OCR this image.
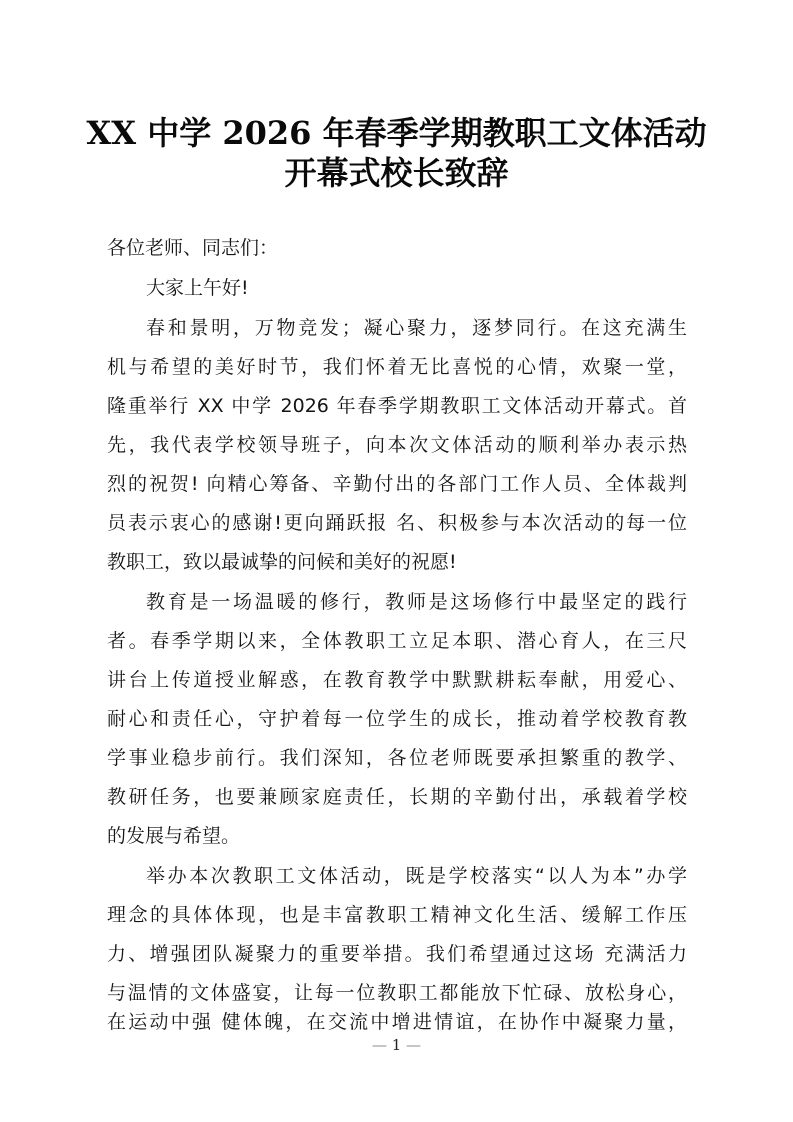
XX 中学 2026 年春季学期教职工文体活动
开幕式校长致辞
各位老师、同志们：
大家上午好!
春和景明，万物竞发；凝心聚力，逐梦同行。在这充满生
机与希望的美好时节，我们怀着无比喜悦的心情，欢聚一堂，
隆重举行 XX 中学 2026 年春季学期教职工文体活动开幕式。首
先，我代表学校领导班子，向本次文体活动的顺利举办表示热
烈的祝贺! 向精心筹备、辛勤付出的各部门工作人员、全体裁判
员表示衷心的感谢!更向踊跃报 名、积极参与本次活动的每一位
教职工，致以最诚挚的问候和美好的祝愿!
教育是一场温暖的修行，教师是这场修行中最坚定的践行
者。春季学期以来，全体教职工立足本职、潜心育人，在三尺
讲台上传道授业解惑，在教育教学中默默耕耘奉献，用爱心、
耐心和责任心，守护着每一位学生的成长，推动着学校教育教
学事业稳步前行。我们深知，各位老师既要承担繁重的教学、
教研任务，也要兼顾家庭责任，长期的辛勤付出，承载着学校
的发展与希望。
举办本次教职工文体活动，既是学校落实“以人为本”办学
理念的具体体现，也是丰富教职工精神文化生活、缓解工作压
力、增强团队凝聚力的重要举措。我们希望通过这场 充满活力
与温情的文体盛宴，让每一位教职工都能放下忙碌、放松身心，
在运动中强 健体魄，在交流中增进情谊，在协作中凝聚力量，
— 1 —
